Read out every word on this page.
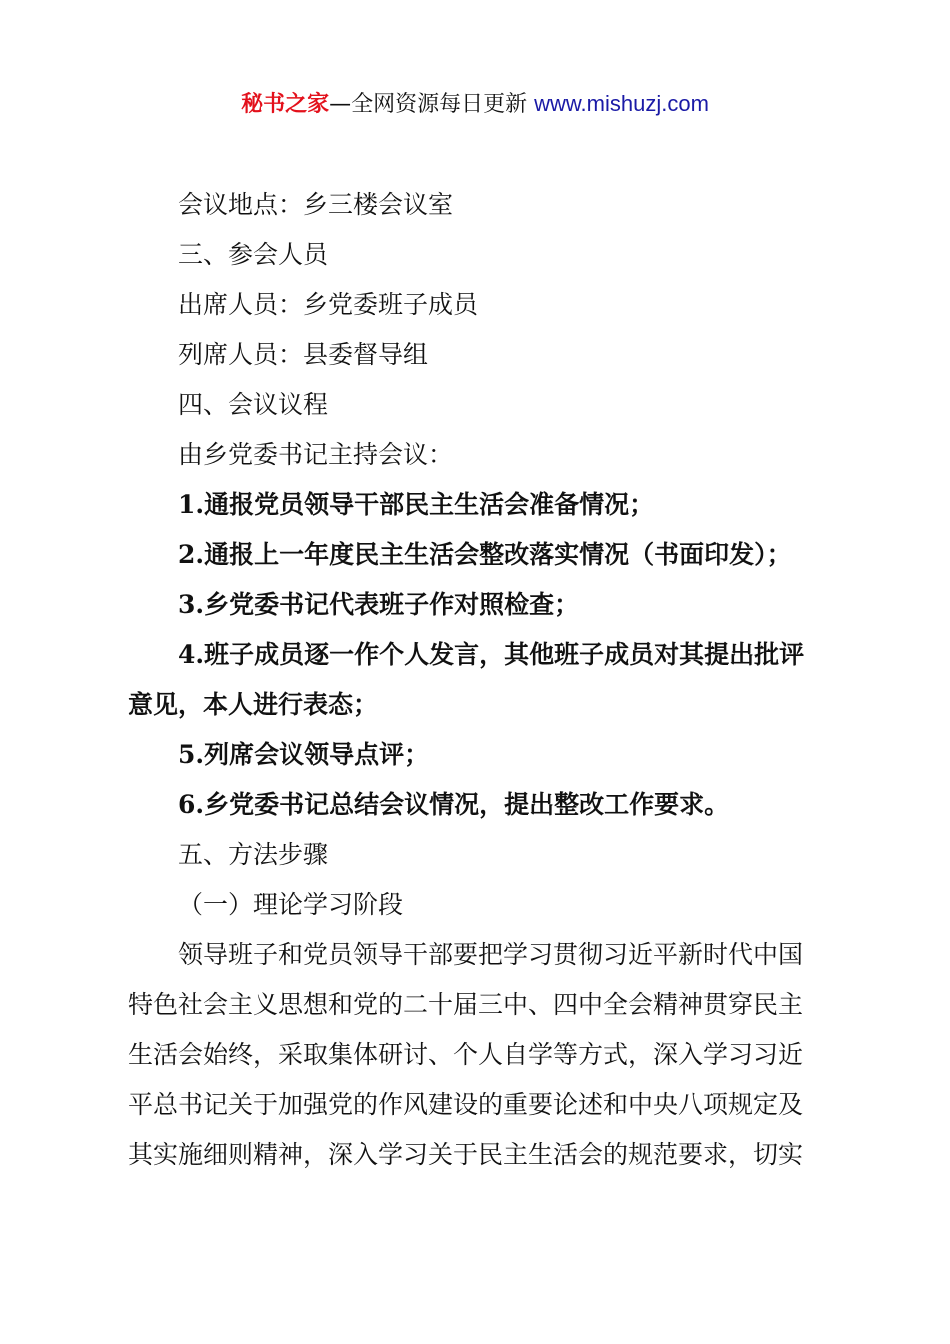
秘书之家—全网资源每日更新 www.mishuzj.com

会议地点：乡三楼会议室

三、参会人员

出席人员：乡党委班子成员

列席人员：县委督导组

四、会议议程

由乡党委书记主持会议：

1.通报党员领导干部民主生活会准备情况；

2.通报上一年度民主生活会整改落实情况（书面印发）；

3.乡党委书记代表班子作对照检查；

4.班子成员逐一作个人发言，其他班子成员对其提出批评

意见，本人进行表态；

5.列席会议领导点评；

6.乡党委书记总结会议情况，提出整改工作要求。

五、方法步骤

（一）理论学习阶段

领导班子和党员领导干部要把学习贯彻习近平新时代中国

特色社会主义思想和党的二十届三中、四中全会精神贯穿民主

生活会始终，采取集体研讨、个人自学等方式，深入学习习近

平总书记关于加强党的作风建设的重要论述和中央八项规定及

其实施细则精神，深入学习关于民主生活会的规范要求，切实
